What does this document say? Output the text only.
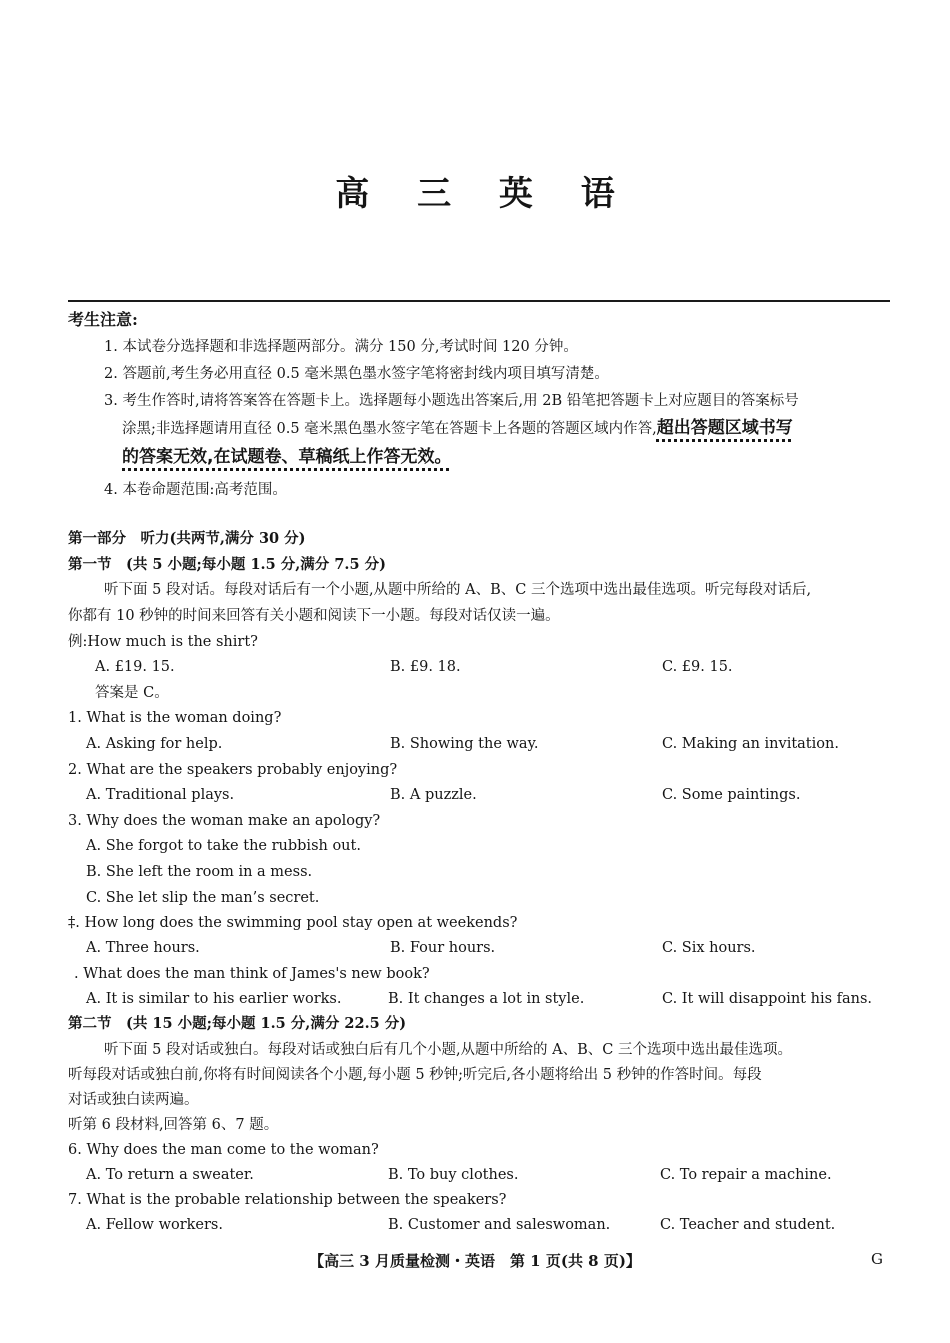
高 三 英 语
考生注意:
1. 本试卷分选择题和非选择题两部分。满分 150 分,考试时间 120 分钟。
2. 答题前,考生务必用直径 0.5 毫米黑色墨水签字笔将密封线内项目填写清楚。
3. 考生作答时,请将答案答在答题卡上。选择题每小题选出答案后,用 2B 铅笔把答题卡上对应题目的答案标号
涂黑;非选择题请用直径 0.5 毫米黑色墨水签字笔在答题卡上各题的答题区域内作答,超出答题区域书写
的答案无效,在试题卷、草稿纸上作答无效。
4. 本卷命题范围:高考范围。
第一部分　听力(共两节,满分 30 分)
第一节　(共 5 小题;每小题 1.5 分,满分 7.5 分)
听下面 5 段对话。每段对话后有一个小题,从题中所给的 A、B、C 三个选项中选出最佳选项。听完每段对话后,
你都有 10 秒钟的时间来回答有关小题和阅读下一小题。每段对话仅读一遍。
例:How much is the shirt?
A. £19. 15.	B. £9. 18.	C. £9. 15.
答案是 C。
1. What is the woman doing?
A. Asking for help.	B. Showing the way.	C. Making an invitation.
2. What are the speakers probably enjoying?
A. Traditional plays.	B. A puzzle.	C. Some paintings.
3. Why does the woman make an apology?
A. She forgot to take the rubbish out.
B. She left the room in a mess.
C. She let slip the man’s secret.
‡. How long does the swimming pool stay open at weekends?
A. Three hours.	B. Four hours.	C. Six hours.
. What does the man think of James's new book?
A. It is similar to his earlier works.	B. It changes a lot in style.	C. It will disappoint his fans.
第二节　(共 15 小题;每小题 1.5 分,满分 22.5 分)
听下面 5 段对话或独白。每段对话或独白后有几个小题,从题中所给的 A、B、C 三个选项中选出最佳选项。
听每段对话或独白前,你将有时间阅读各个小题,每小题 5 秒钟;听完后,各小题将给出 5 秒钟的作答时间。每段
对话或独白读两遍。
听第 6 段材料,回答第 6、7 题。
6. Why does the man come to the woman?
A. To return a sweater.	B. To buy clothes.	C. To repair a machine.
7. What is the probable relationship between the speakers?
A. Fellow workers.	B. Customer and saleswoman.	C. Teacher and student.
【高三 3 月质量检测・英语　第 1 页(共 8 页)】	G
